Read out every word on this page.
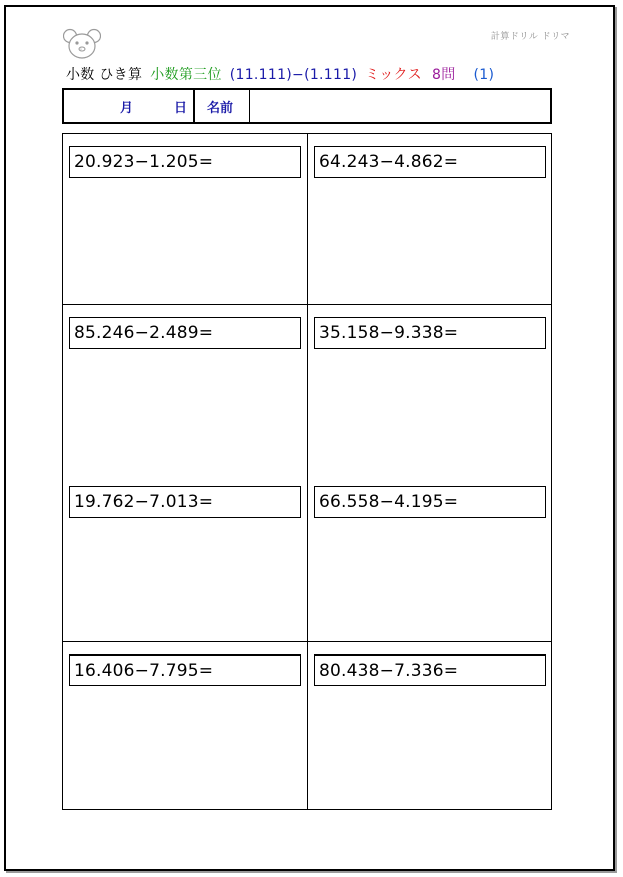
n
計算ドリル ドリマ
小数 ひき算 小数第三位 (11.111)−(1.111) ミックス 8問 (1)
月	日 名前
20.923−1.205=	64.243−4.862=
85.246−2.489=	35.158−9.338=
19.762−7.013=	66.558−4.195=
16.406−7.795=	80.438−7.336=
